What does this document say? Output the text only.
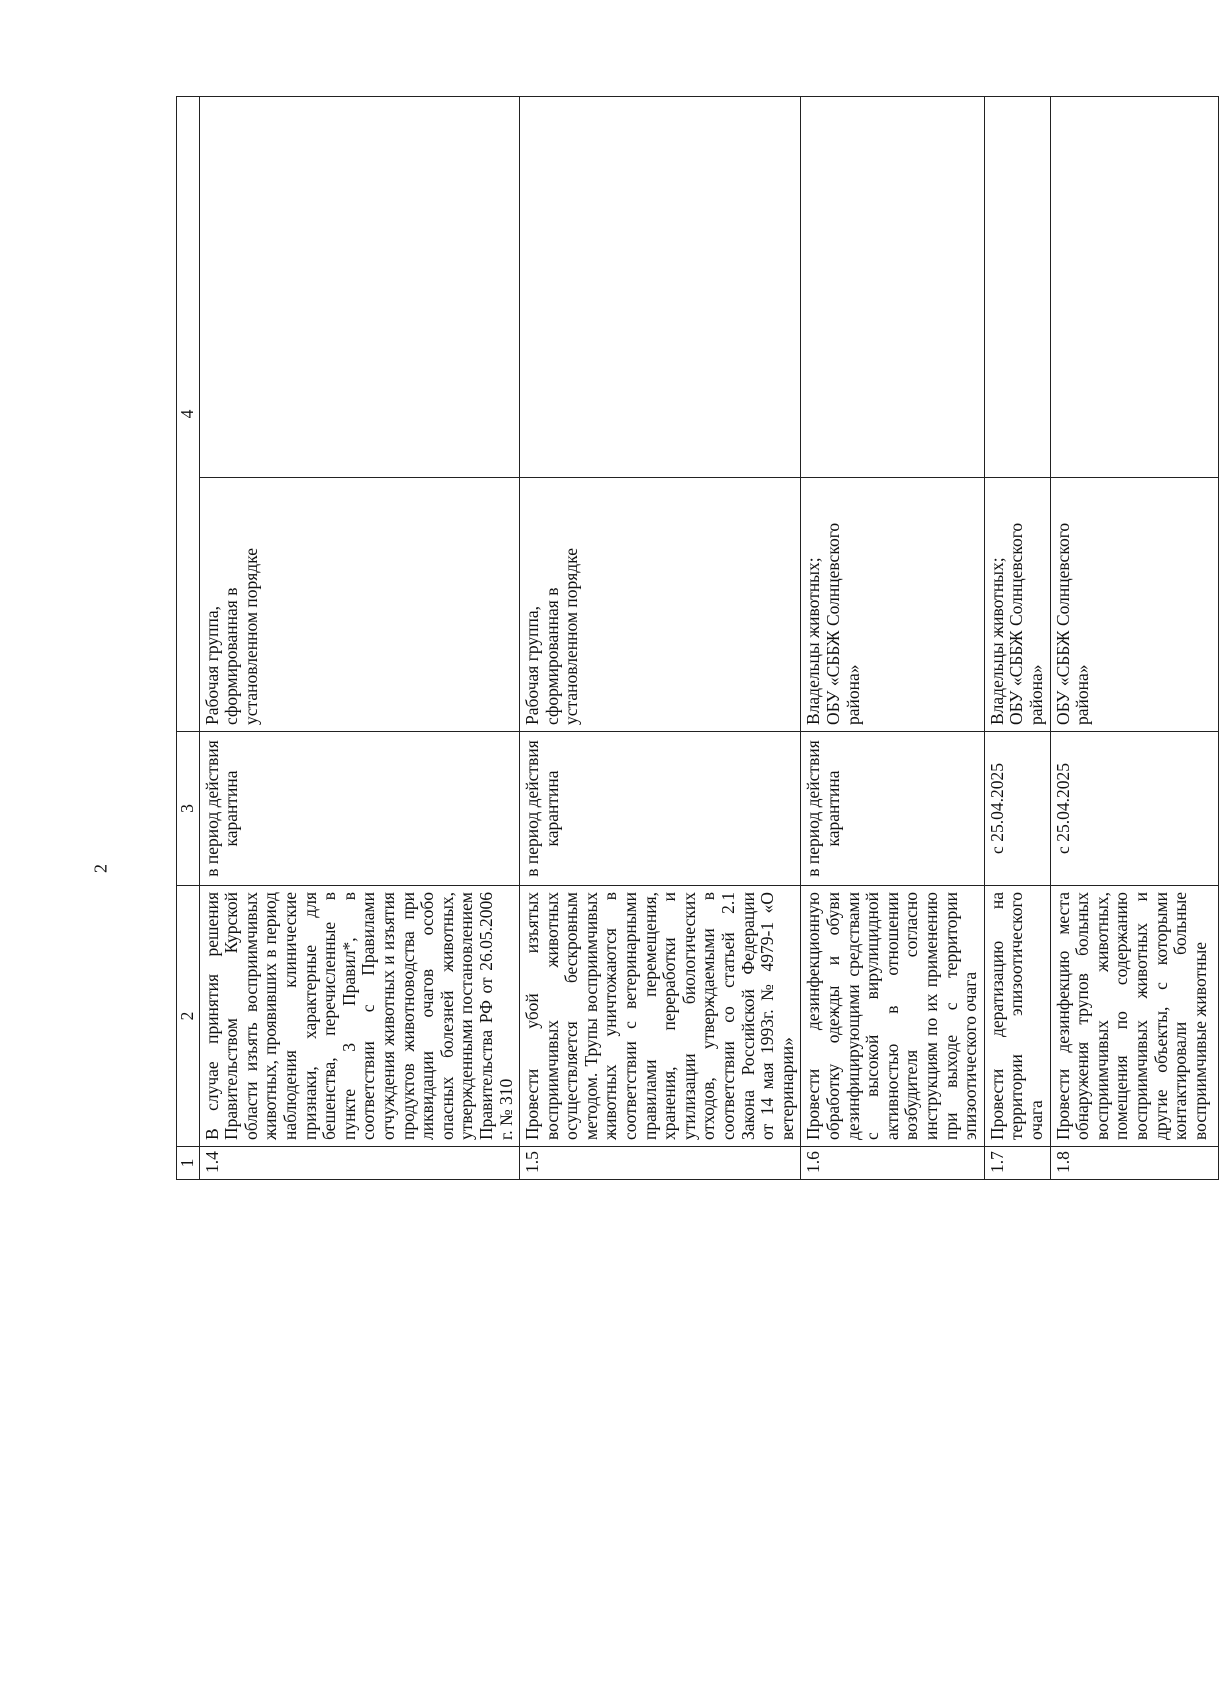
2
1	2	3	4	
1.4	В случае принятия решения Правительством Курской области изъять восприимчивых животных, проявивших в период наблюдения клинические признаки, характерные для бешенства, перечисленные в пункте 3 Правил*, в соответствии с Правилами отчуждения животных и изъятия продуктов животноводства при ликвидации очагов особо опасных болезней животных, утвержденными постановлением Правительства РФ от 26.05.2006 г. № 310	в период действия карантина	Рабочая группа, сформированная в установленном порядке	
1.5	Провести убой изъятых восприимчивых животных осуществляется бескровным методом. Трупы восприимчивых животных уничтожаются в соответствии с ветеринарными правилами перемещения, хранения, переработки и утилизации биологических отходов, утверждаемыми в соответствии со статьей 2.1 Закона Российской Федерации от 14 мая 1993г. № 4979-1 «О ветеринарии»	в период действия карантина	Рабочая группа, сформированная в установленном порядке	
1.6	Провести дезинфекционную обработку одежды и обуви дезинфицирующими средствами с высокой вирулицидной активностью в отношении возбудителя согласно инструкциям по их применению при выходе с территории эпизоотического очага	в период действия карантина	Владельцы животных; ОБУ «СББЖ Солнцевского района»	

1.7	Провести дератизацию на территории эпизоотического очага	с 25.04.2025	Владельцы животных; ОБУ «СББЖ Солнцевского района»	

1.8	Провести дезинфекцию места обнаружения трупов больных восприимчивых животных, помещения по содержанию восприимчивых животных и другие объекты, с которыми контактировали больные восприимчивые животные	с 25.04.2025	ОБУ «СББЖ Солнцевского района»	
